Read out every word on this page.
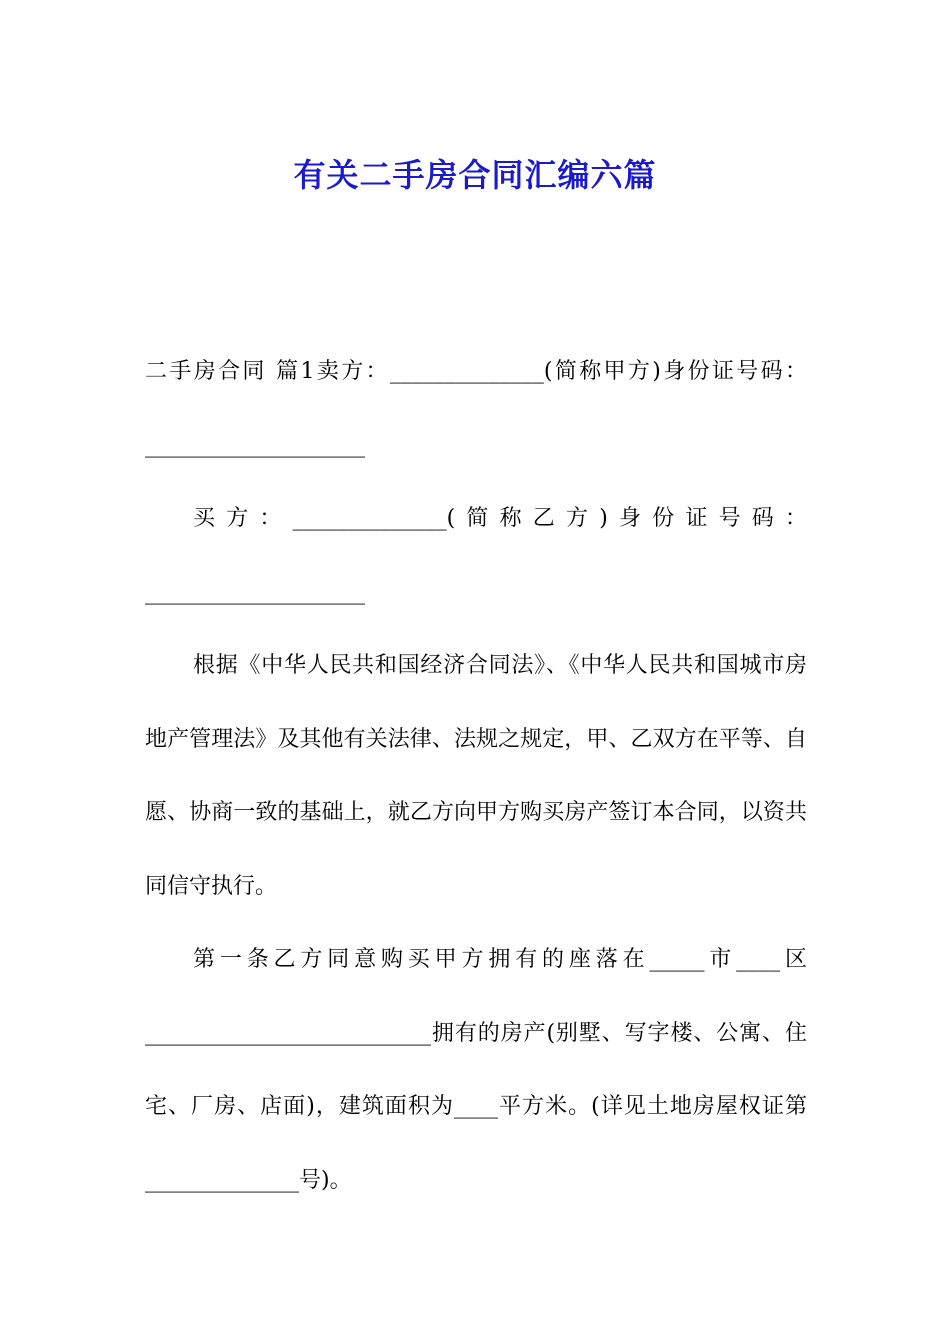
有关二手房合同汇编六篇

二手房合同 篇1卖方：______________(简称甲方)身份证号码：____________________

买方：______________(简称乙方)身份证号码：____________________

根据《中华人民共和国经济合同法》、《中华人民共和国城市房地产管理法》及其他有关法律、法规之规定，甲、乙双方在平等、自愿、协商一致的基础上，就乙方向甲方购买房产签订本合同，以资共同信守执行。

第一条乙方同意购买甲方拥有的座落在_____市____区__________________________拥有的房产(别墅、写字楼、公寓、住宅、厂房、店面)，建筑面积为____平方米。(详见土地房屋权证第______________号)。
